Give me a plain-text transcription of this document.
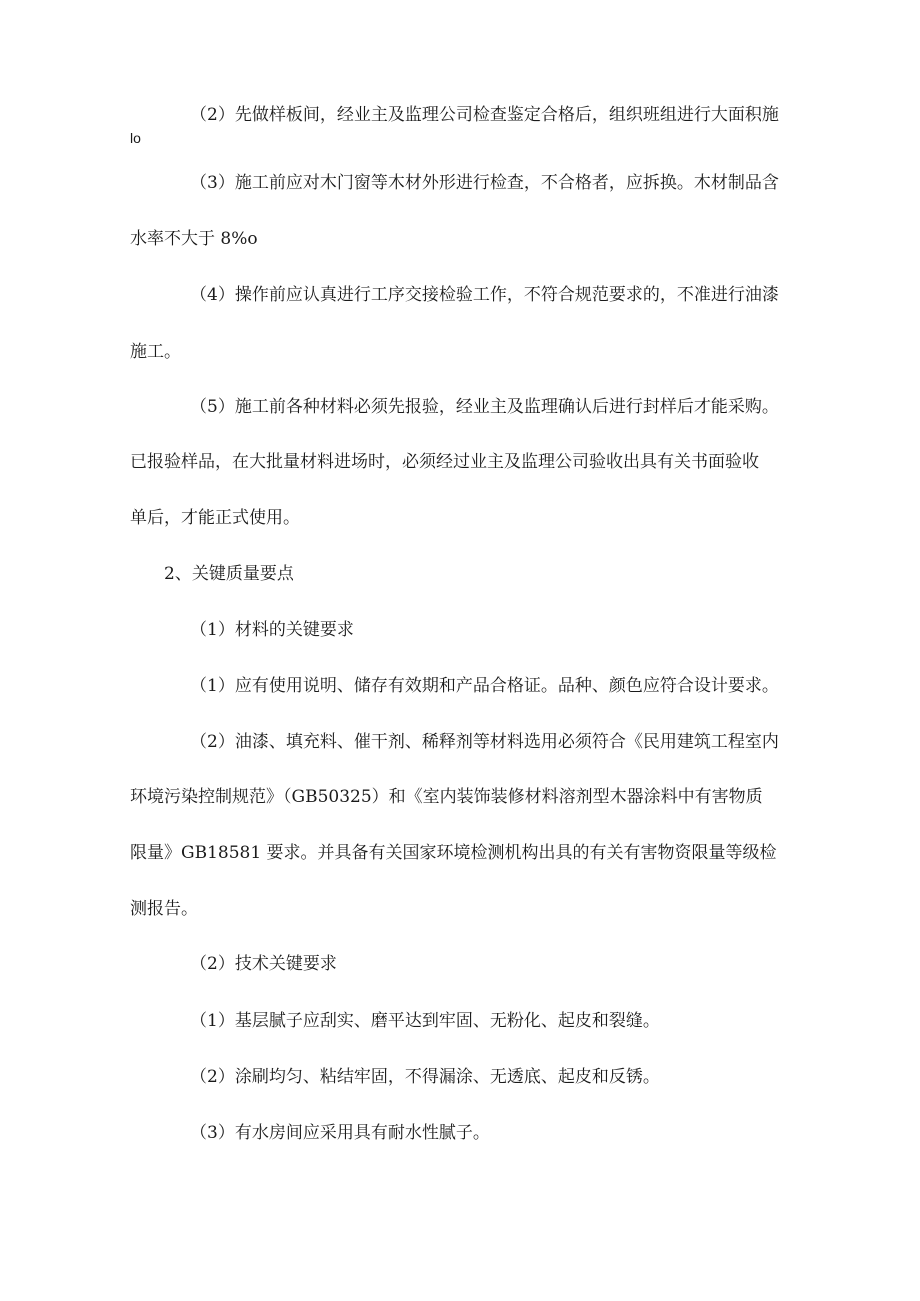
（2）先做样板间，经业主及监理公司检查鉴定合格后，组织班组进行大面积施
lo
（3）施工前应对木门窗等木材外形进行检查，不合格者，应拆换。木材制品含
水率不大于 8%o
（4）操作前应认真进行工序交接检验工作，不符合规范要求的，不准进行油漆
施工。
（5）施工前各种材料必须先报验，经业主及监理确认后进行封样后才能采购。
已报验样品，在大批量材料进场时，必须经过业主及监理公司验收出具有关书面验收
单后，才能正式使用。
2、关键质量要点
（1）材料的关键要求
（1）应有使用说明、储存有效期和产品合格证。品种、颜色应符合设计要求。
（2）油漆、填充料、催干剂、稀释剂等材料选用必须符合《民用建筑工程室内
环境污染控制规范》（GB50325）和《室内装饰装修材料溶剂型木器涂料中有害物质
限量》GB18581 要求。并具备有关国家环境检测机构出具的有关有害物资限量等级检
测报告。
（2）技术关键要求
（1）基层腻子应刮实、磨平达到牢固、无粉化、起皮和裂缝。
（2）涂刷均匀、粘结牢固，不得漏涂、无透底、起皮和反锈。
（3）有水房间应采用具有耐水性腻子。
